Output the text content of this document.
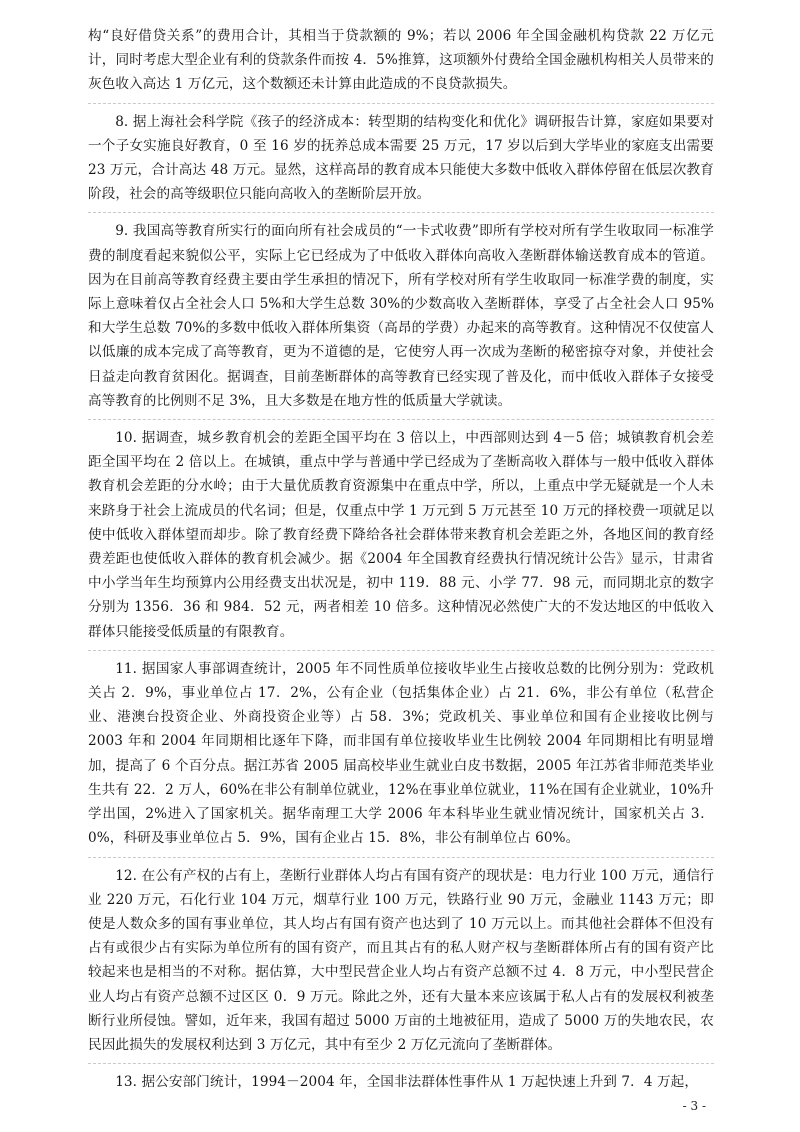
构“良好借贷关系”的费用合计，其相当于贷款额的 9%；若以 2006 年全国金融机构贷款 22 万亿元计，同时考虑大型企业有利的贷款条件而按 4．5%推算，这项额外付费给全国金融机构相关人员带来的灰色收入高达 1 万亿元，这个数额还未计算由此造成的不良贷款损失。

8. 据上海社会科学院《孩子的经济成本：转型期的结构变化和优化》调研报告计算，家庭如果要对一个子女实施良好教育，0 至 16 岁的抚养总成本需要 25 万元，17 岁以后到大学毕业的家庭支出需要 23 万元，合计高达 48 万元。显然，这样高昂的教育成本只能使大多数中低收入群体停留在低层次教育阶段，社会的高等级职位只能向高收入的垄断阶层开放。

9. 我国高等教育所实行的面向所有社会成员的“一卡式收费”即所有学校对所有学生收取同一标准学费的制度看起来貌似公平，实际上它已经成为了中低收入群体向高收入垄断群体输送教育成本的管道。因为在目前高等教育经费主要由学生承担的情况下，所有学校对所有学生收取同一标准学费的制度，实际上意味着仅占全社会人口 5%和大学生总数 30%的少数高收入垄断群体，享受了占全社会人口 95%和大学生总数 70%的多数中低收入群体所集资（高昂的学费）办起来的高等教育。这种情况不仅使富人以低廉的成本完成了高等教育，更为不道德的是，它使穷人再一次成为垄断的秘密掠夺对象，并使社会日益走向教育贫困化。据调查，目前垄断群体的高等教育已经实现了普及化，而中低收入群体子女接受高等教育的比例则不足 3%，且大多数是在地方性的低质量大学就读。

10. 据调查，城乡教育机会的差距全国平均在 3 倍以上，中西部则达到 4－5 倍；城镇教育机会差距全国平均在 2 倍以上。在城镇，重点中学与普通中学已经成为了垄断高收入群体与一般中低收入群体教育机会差距的分水岭；由于大量优质教育资源集中在重点中学，所以，上重点中学无疑就是一个人未来跻身于社会上流成员的代名词；但是，仅重点中学 1 万元到 5 万元甚至 10 万元的择校费一项就足以使中低收入群体望而却步。除了教育经费下降给各社会群体带来教育机会差距之外，各地区间的教育经费差距也使低收入群体的教育机会减少。据《2004 年全国教育经费执行情况统计公告》显示，甘肃省中小学当年生均预算内公用经费支出状况是，初中 119．88 元、小学 77．98 元，而同期北京的数字分别为 1356．36 和 984．52 元，两者相差 10 倍多。这种情况必然使广大的不发达地区的中低收入群体只能接受低质量的有限教育。

11. 据国家人事部调查统计，2005 年不同性质单位接收毕业生占接收总数的比例分别为：党政机关占 2．9%，事业单位占 17．2%，公有企业（包括集体企业）占 21．6%，非公有单位（私营企业、港澳台投资企业、外商投资企业等）占 58．3%；党政机关、事业单位和国有企业接收比例与 2003 年和 2004 年同期相比逐年下降，而非国有单位接收毕业生比例较 2004 年同期相比有明显增加，提高了 6 个百分点。据江苏省 2005 届高校毕业生就业白皮书数据，2005 年江苏省非师范类毕业生共有 22．2 万人，60%在非公有制单位就业，12%在事业单位就业，11%在国有企业就业，10%升学出国，2%进入了国家机关。据华南理工大学 2006 年本科毕业生就业情况统计，国家机关占 3．0%，科研及事业单位占 5．9%，国有企业占 15．8%，非公有制单位占 60%。

12. 在公有产权的占有上，垄断行业群体人均占有国有资产的现状是：电力行业 100 万元，通信行业 220 万元，石化行业 104 万元，烟草行业 100 万元，铁路行业 90 万元，金融业 1143 万元；即使是人数众多的国有事业单位，其人均占有国有资产也达到了 10 万元以上。而其他社会群体不但没有占有或很少占有实际为单位所有的国有资产，而且其占有的私人财产权与垄断群体所占有的国有资产比较起来也是相当的不对称。据估算，大中型民营企业人均占有资产总额不过 4．8 万元，中小型民营企业人均占有资产总额不过区区 0．9 万元。除此之外，还有大量本来应该属于私人占有的发展权利被垄断行业所侵蚀。譬如，近年来，我国有超过 5000 万亩的土地被征用，造成了 5000 万的失地农民，农民因此损失的发展权利达到 3 万亿元，其中有至少 2 万亿元流向了垄断群体。

13. 据公安部门统计，1994－2004 年，全国非法群体性事件从 1 万起快速上升到 7．4 万起，

- 3 -
